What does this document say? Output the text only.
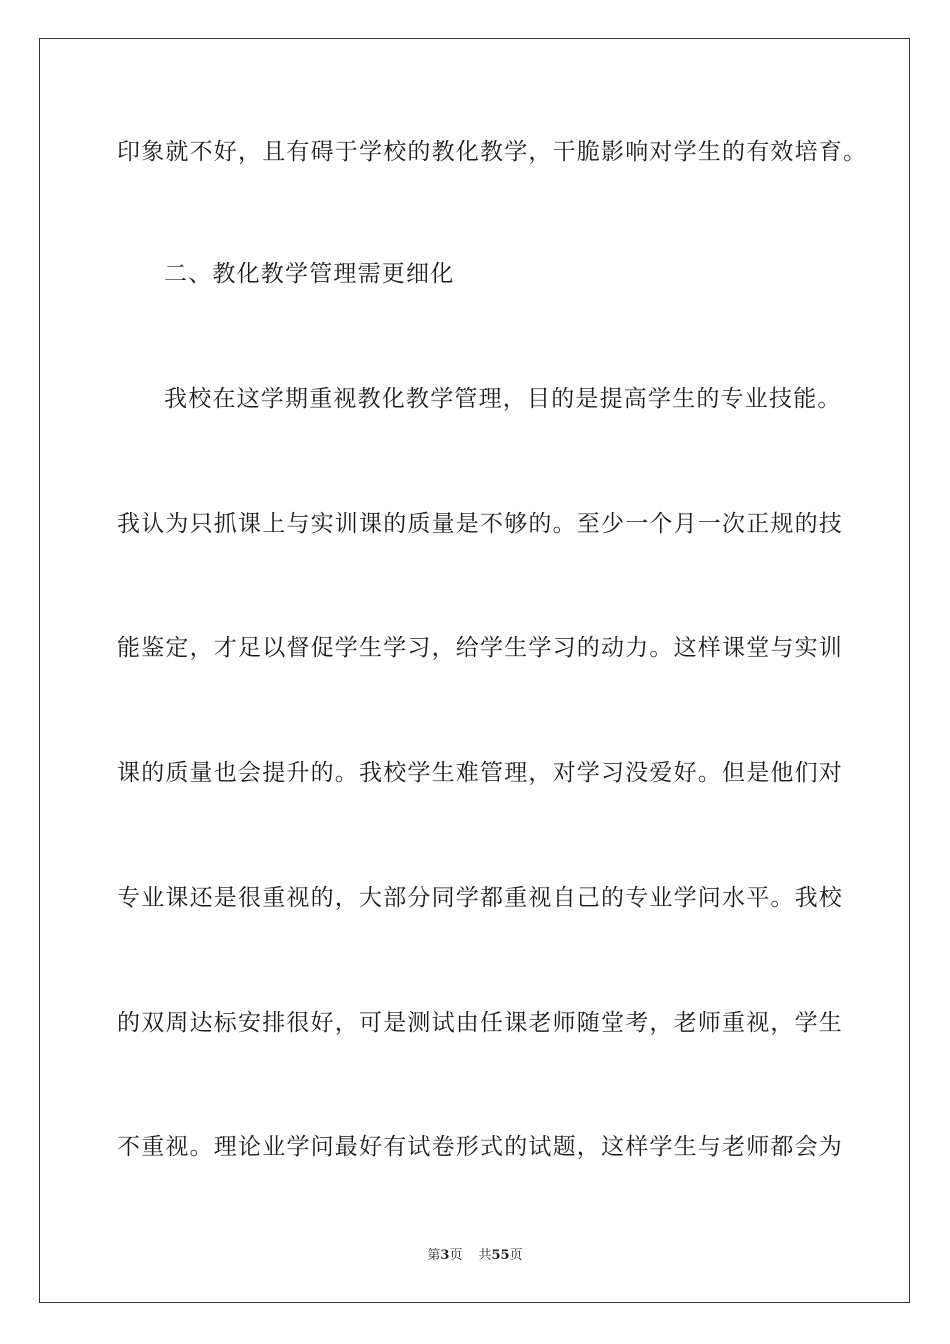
印象就不好，且有碍于学校的教化教学，干脆影响对学生的有效培育。
二、教化教学管理需更细化
我校在这学期重视教化教学管理，目的是提高学生的专业技能。
我认为只抓课上与实训课的质量是不够的。至少一个月一次正规的技
能鉴定，才足以督促学生学习，给学生学习的动力。这样课堂与实训
课的质量也会提升的。我校学生难管理，对学习没爱好。但是他们对
专业课还是很重视的，大部分同学都重视自己的专业学问水平。我校
的双周达标安排很好，可是测试由任课老师随堂考，老师重视，学生
不重视。理论业学问最好有试卷形式的试题，这样学生与老师都会为
第3页 共55页
